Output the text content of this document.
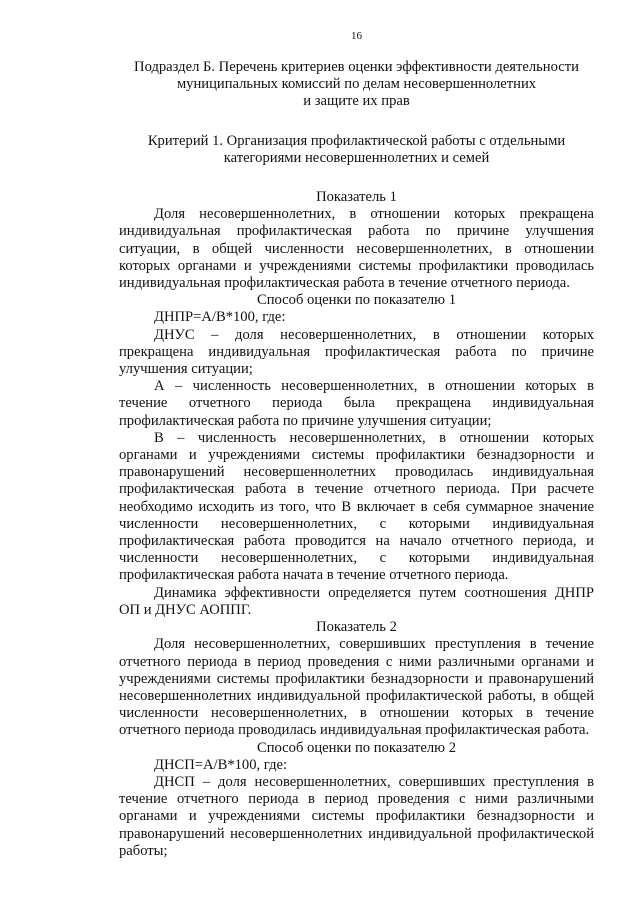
16
Подраздел Б. Перечень критериев оценки эффективности деятельности
муниципальных комиссий по делам несовершеннолетних
и защите их прав
Критерий 1. Организация профилактической работы с отдельными
категориями несовершеннолетних и семей
Показатель 1

Доля несовершеннолетних, в отношении которых прекращена индивидуальная профилактическая работа по причине улучшения ситуации, в общей численности несовершеннолетних, в отношении которых органами и учреждениями системы профилактики проводилась индивидуальная профилактическая работа в течение отчетного периода.

Способ оценки по показателю 1

ДНПР=А/В*100, где:

ДНУС – доля несовершеннолетних, в отношении которых прекращена индивидуальная профилактическая работа по причине улучшения ситуации;

А – численность несовершеннолетних, в отношении которых в течение отчетного периода была прекращена индивидуальная профилактическая работа по причине улучшения ситуации;

В – численность несовершеннолетних, в отношении которых органами и учреждениями системы профилактики безнадзорности и правонарушений несовершеннолетних проводилась индивидуальная профилактическая работа в течение отчетного периода. При расчете необходимо исходить из того, что В включает в себя суммарное значение численности несовершеннолетних, с которыми индивидуальная профилактическая работа проводится на начало отчетного периода, и численности несовершеннолетних, с которыми индивидуальная профилактическая работа начата в течение отчетного периода.

Динамика эффективности определяется путем соотношения ДНПР ОП и ДНУС АОППГ.

Показатель 2

Доля несовершеннолетних, совершивших преступления в течение отчетного периода в период проведения с ними различными органами и учреждениями системы профилактики безнадзорности и правонарушений несовершеннолетних индивидуальной профилактической работы, в общей численности несовершеннолетних, в отношении которых в течение отчетного периода проводилась индивидуальная профилактическая работа.

Способ оценки по показателю 2

ДНСП=А/В*100, где:

ДНСП – доля несовершеннолетних, совершивших преступления в течение отчетного периода в период проведения с ними различными органами и учреждениями системы профилактики безнадзорности и правонарушений несовершеннолетних индивидуальной профилактической работы;
